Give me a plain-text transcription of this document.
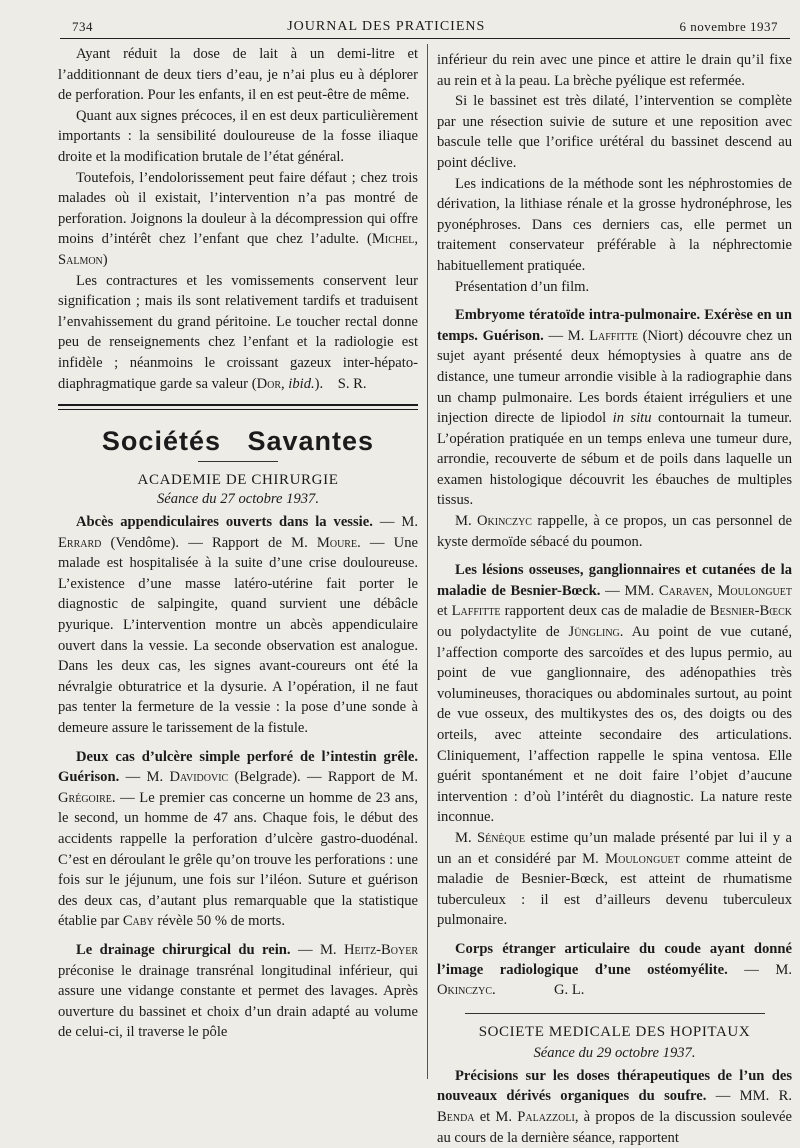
734	JOURNAL DES PRATICIENS	6 novembre 1937

Ayant réduit la dose de lait à un demi-litre et l’additionnant de deux tiers d’eau, je n’ai plus eu à déplorer de perforation. Pour les enfants, il en est peut-être de même.

Quant aux signes précoces, il en est deux particulièrement importants : la sensibilité douloureuse de la fosse iliaque droite et la modification brutale de l’état général.

Toutefois, l’endolorissement peut faire défaut ; chez trois malades où il existait, l’intervention n’a pas montré de perforation. Joignons la douleur à la décompression qui offre moins d’intérêt chez l’enfant que chez l’adulte. (Michel, Salmon)

Les contractures et les vomissements conservent leur signification ; mais ils sont relativement tardifs et traduisent l’envahissement du grand péritoine. Le toucher rectal donne peu de renseignements chez l’enfant et la radiologie est infidèle ; néanmoins le croissant gazeux inter-hépato-diaphragmatique garde sa valeur (Dor, ibid.). S. R.

Sociétés Savantes
ACADEMIE DE CHIRURGIE
Séance du 27 octobre 1937.

Abcès appendiculaires ouverts dans la vessie. — M. Errard (Vendôme). — Rapport de M. Moure. — Une malade est hospitalisée à la suite d’une crise douloureuse. L’existence d’une masse latéro-utérine fait porter le diagnostic de salpingite, quand survient une débâcle pyurique. L’intervention montre un abcès appendiculaire ouvert dans la vessie. La seconde observation est analogue. Dans les deux cas, les signes avant-coureurs ont été la névralgie obturatrice et la dysurie. A l’opération, il ne faut pas tenter la fermeture de la vessie : la pose d’une sonde à demeure assure le tarissement de la fistule.

Deux cas d’ulcère simple perforé de l’intestin grêle. Guérison. — M. Davidovic (Belgrade). — Rapport de M. Grégoire. — Le premier cas concerne un homme de 23 ans, le second, un homme de 47 ans. Chaque fois, le début des accidents rappelle la perforation d’ulcère gastro-duodénal. C’est en déroulant le grêle qu’on trouve les perforations : une fois sur le jéjunum, une fois sur l’iléon. Suture et guérison des deux cas, d’autant plus remarquable que la statistique établie par Caby révèle 50 % de morts.

Le drainage chirurgical du rein. — M. Heitz-Boyer préconise le drainage transrénal longitudinal inférieur, qui assure une vidange constante et permet des lavages. Après ouverture du bassinet et choix d’un drain adapté au volume de celui-ci, il traverse le pôle

inférieur du rein avec une pince et attire le drain qu’il fixe au rein et à la peau. La brèche pyélique est refermée.

Si le bassinet est très dilaté, l’intervention se complète par une résection suivie de suture et une reposition avec bascule telle que l’orifice urétéral du bassinet descend au point déclive.

Les indications de la méthode sont les néphrostomies de dérivation, la lithiase rénale et la grosse hydronéphrose, les pyonéphroses. Dans ces derniers cas, elle permet un traitement conservateur préférable à la néphrectomie habituellement pratiquée.

Présentation d’un film.

Embryome tératoïde intra-pulmonaire. Exérèse en un temps. Guérison. — M. Laffitte (Niort) découvre chez un sujet ayant présenté deux hémoptysies à quatre ans de distance, une tumeur arrondie visible à la radiographie dans un champ pulmonaire. Les bords étaient irréguliers et une injection directe de lipiodol in situ contournait la tumeur. L’opération pratiquée en un temps enleva une tumeur dure, arrondie, recouverte de sébum et de poils dans laquelle un examen histologique découvrit les ébauches de multiples tissus.

M. Okinczyc rappelle, à ce propos, un cas personnel de kyste dermoïde sébacé du poumon.

Les lésions osseuses, ganglionnaires et cutanées de la maladie de Besnier-Bœck. — MM. Caraven, Moulonguet et Laffitte rapportent deux cas de maladie de Besnier-Bœck ou polydactylite de Jüngling. Au point de vue cutané, l’affection comporte des sarcoïdes et des lupus permio, au point de vue ganglionnaire, des adénopathies très volumineuses, thoraciques ou abdominales surtout, au point de vue osseux, des multikystes des os, des doigts ou des orteils, avec atteinte secondaire des articulations. Cliniquement, l’affection rappelle le spina ventosa. Elle guérit spontanément et ne doit faire l’objet d’aucune intervention : d’où l’intérêt du diagnostic. La nature reste inconnue.

M. Sénèque estime qu’un malade présenté par lui il y a un an et considéré par M. Moulonguet comme atteint de maladie de Besnier-Bœck, est atteint de rhumatisme tuberculeux : il est d’ailleurs devenu tuberculeux pulmonaire.

Corps étranger articulaire du coude ayant donné l’image radiologique d’une ostéomyélite. — M. Okinczyc.	G. L.

SOCIETE MEDICALE DES HOPITAUX
Séance du 29 octobre 1937.

Précisions sur les doses thérapeutiques de l’un des nouveaux dérivés organiques du soufre. — MM. R. Benda et M. Palazzoli, à propos de la discussion soulevée au cours de la dernière séance, rapportent
